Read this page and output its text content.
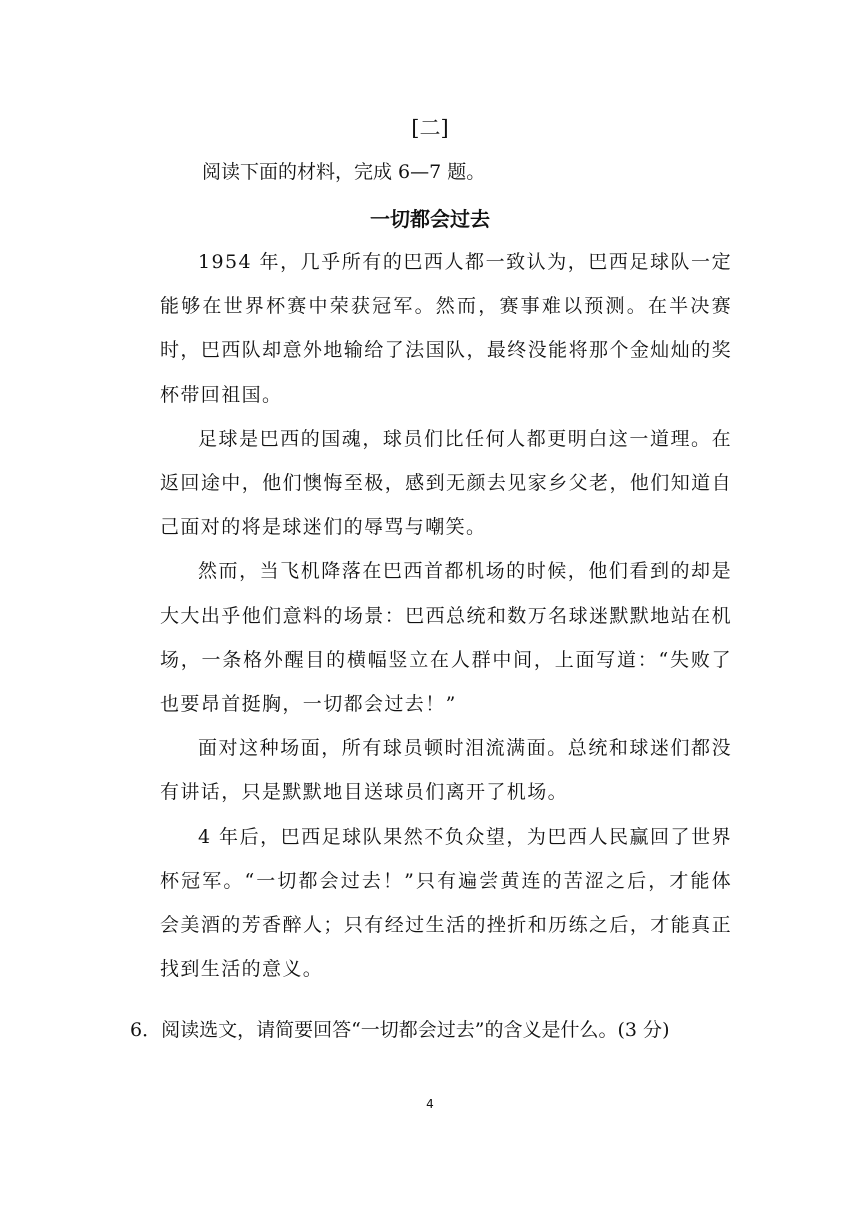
[二]
阅读下面的材料，完成 6—7 题。
一切都会过去

1954 年，几乎所有的巴西人都一致认为，巴西足球队一定能够在世界杯赛中荣获冠军。然而，赛事难以预测。在半决赛时，巴西队却意外地输给了法国队，最终没能将那个金灿灿的奖杯带回祖国。

足球是巴西的国魂，球员们比任何人都更明白这一道理。在返回途中，他们懊悔至极，感到无颜去见家乡父老，他们知道自己面对的将是球迷们的辱骂与嘲笑。

然而，当飞机降落在巴西首都机场的时候，他们看到的却是大大出乎他们意料的场景：巴西总统和数万名球迷默默地站在机场，一条格外醒目的横幅竖立在人群中间，上面写道：“失败了也要昂首挺胸，一切都会过去！”

面对这种场面，所有球员顿时泪流满面。总统和球迷们都没有讲话，只是默默地目送球员们离开了机场。

4 年后，巴西足球队果然不负众望，为巴西人民赢回了世界杯冠军。“一切都会过去！”只有遍尝黄连的苦涩之后，才能体会美酒的芳香醉人；只有经过生活的挫折和历练之后，才能真正找到生活的意义。

6．阅读选文，请简要回答“一切都会过去”的含义是什么。(3 分)
4
